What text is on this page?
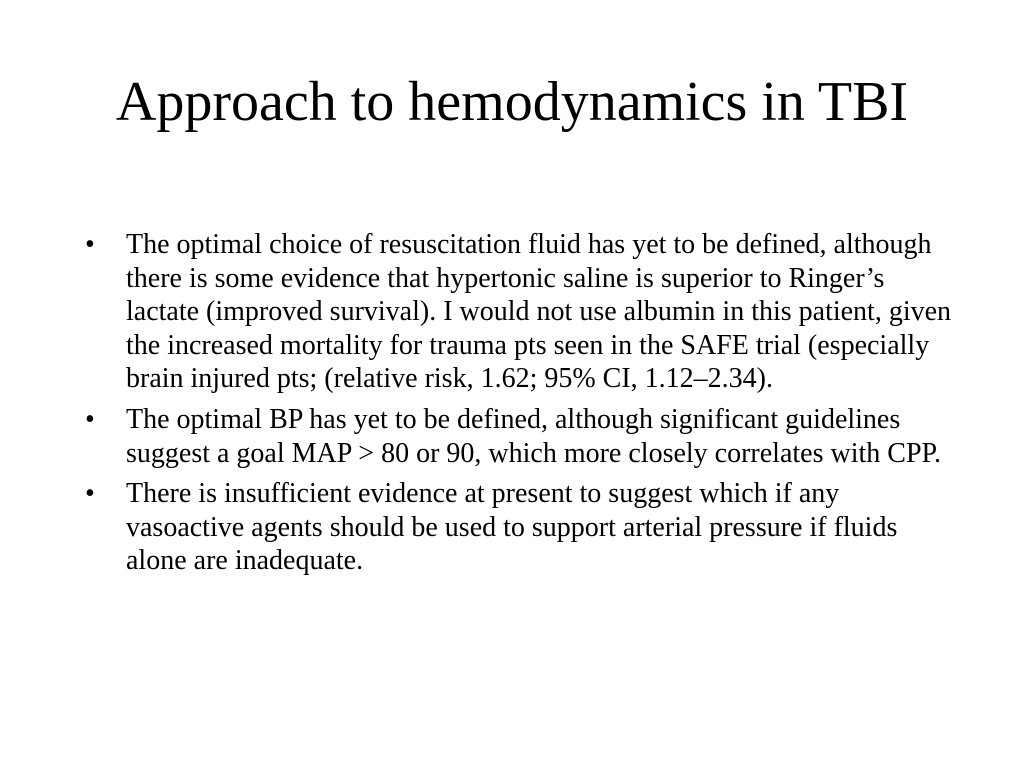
Approach to hemodynamics in TBI
•	The optimal choice of resuscitation fluid has yet to be defined, although there is some evidence that hypertonic saline is superior to Ringer’s lactate (improved survival). I would not use albumin in this patient, given the increased mortality for trauma pts seen in the SAFE trial (especially brain injured pts; (relative risk, 1.62; 95% CI, 1.12–2.34).
•	The optimal BP has yet to be defined, although significant guidelines suggest a goal MAP > 80 or 90, which more closely correlates with CPP.
•	There is insufficient evidence at present to suggest which if any vasoactive agents should be used to support arterial pressure if fluids alone are inadequate.
